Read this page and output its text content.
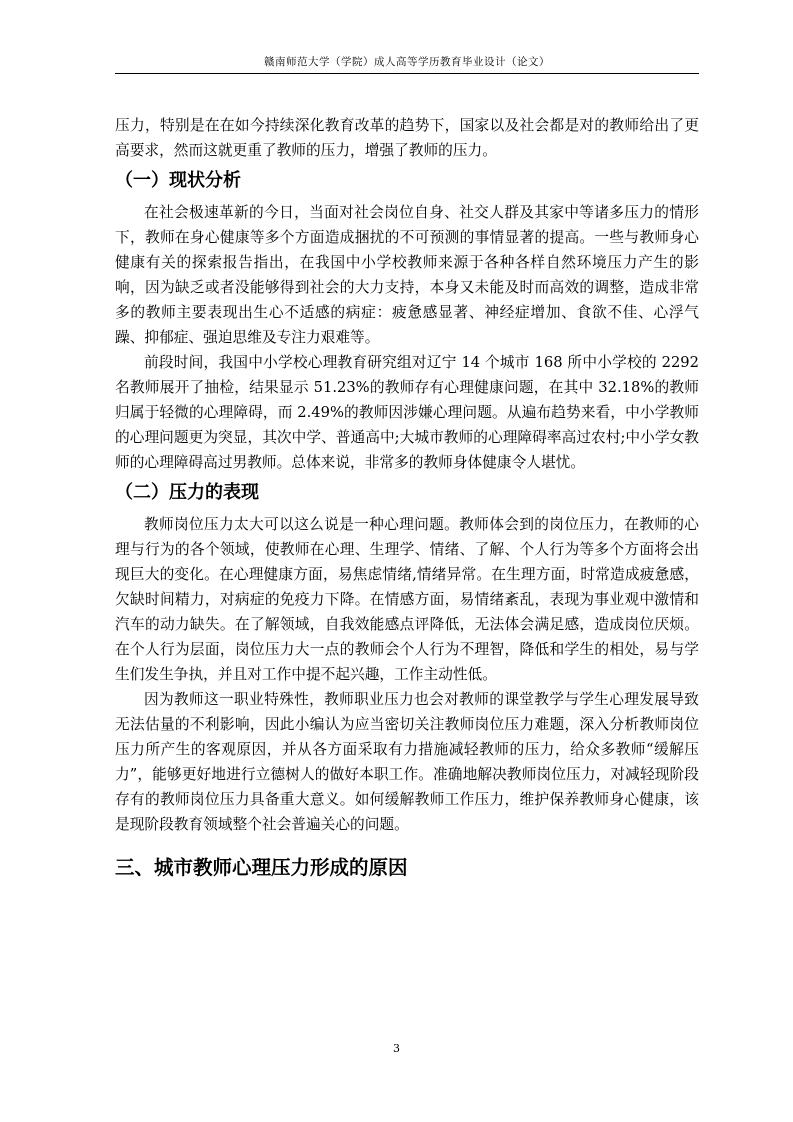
赣南师范大学（学院）成人高等学历教育毕业设计（论文）

压力，特别是在在如今持续深化教育改革的趋势下，国家以及社会都是对的教师给出了更高要求，然而这就更重了教师的压力，增强了教师的压力。

（一）现状分析

在社会极速革新的今日，当面对社会岗位自身、社交人群及其家中等诸多压力的情形下，教师在身心健康等多个方面造成捆扰的不可预测的事情显著的提高。一些与教师身心健康有关的探索报告指出，在我国中小学校教师来源于各种各样自然环境压力产生的影响，因为缺乏或者没能够得到社会的大力支持，本身又未能及时而高效的调整，造成非常多的教师主要表现出生心不适感的病症：疲惫感显著、神经症增加、食欲不佳、心浮气躁、抑郁症、强迫思维及专注力艰难等。

前段时间，我国中小学校心理教育研究组对辽宁 14 个城市 168 所中小学校的 2292 名教师展开了抽检，结果显示 51.23%的教师存有心理健康问题，在其中 32.18%的教师归属于轻微的心理障碍，而 2.49%的教师因涉嫌心理问题。从遍布趋势来看，中小学教师的心理问题更为突显，其次中学、普通高中;大城市教师的心理障碍率高过农村;中小学女教师的心理障碍高过男教师。总体来说，非常多的教师身体健康令人堪忧。

（二）压力的表现

教师岗位压力太大可以这么说是一种心理问题。教师体会到的岗位压力，在教师的心理与行为的各个领域，使教师在心理、生理学、情绪、了解、个人行为等多个方面将会出现巨大的变化。在心理健康方面，易焦虑情绪,情绪异常。在生理方面，时常造成疲惫感，欠缺时间精力，对病症的免疫力下降。在情感方面，易情绪紊乱，表现为事业观中激情和汽车的动力缺失。在了解领域，自我效能感点评降低，无法体会满足感，造成岗位厌烦。在个人行为层面，岗位压力大一点的教师会个人行为不理智，降低和学生的相处，易与学生们发生争执，并且对工作中提不起兴趣，工作主动性低。

因为教师这一职业特殊性，教师职业压力也会对教师的课堂教学与学生心理发展导致无法估量的不利影响，因此小编认为应当密切关注教师岗位压力难题，深入分析教师岗位压力所产生的客观原因，并从各方面采取有力措施减轻教师的压力，给众多教师“缓解压力”，能够更好地进行立德树人的做好本职工作。准确地解决教师岗位压力，对减轻现阶段存有的教师岗位压力具备重大意义。如何缓解教师工作压力，维护保养教师身心健康，该是现阶段教育领域整个社会普遍关心的问题。

三、城市教师心理压力形成的原因
3
